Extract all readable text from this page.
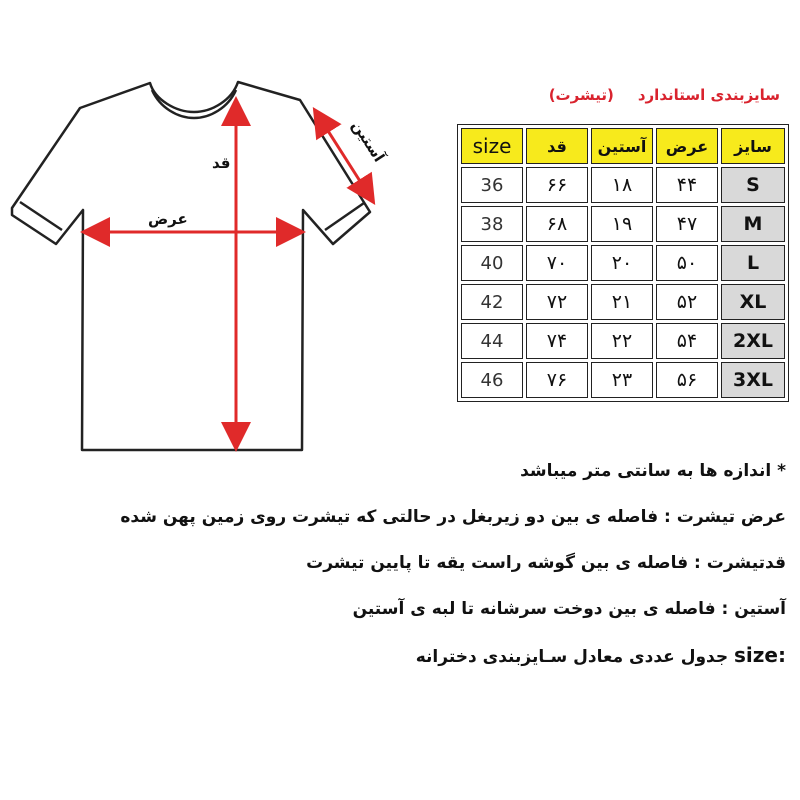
قد
عرض
آستین
سایزبندی استاندارد(تیشرت)
سایز	عرض	آستین	قد	size
S	۴۴	۱۸	۶۶	36
M	۴۷	۱۹	۶۸	38
L	۵۰	۲۰	۷۰	40
XL	۵۲	۲۱	۷۲	42
2XL	۵۴	۲۲	۷۴	44
3XL	۵۶	۲۳	۷۶	46
* اندازه ها به سانتی متر میباشد
عرض تیشرت : فاصله ی بین دو زیربغل در حالتی که تیشرت روی زمین پهن شده
قدتیشرت : فاصله ی بین گوشه راست یقه تا پایین تیشرت
آستین : فاصله ی بین دوخت سرشانه تا لبه ی آستین
size: جدول عددی معادل سـایزبندی دخترانه
